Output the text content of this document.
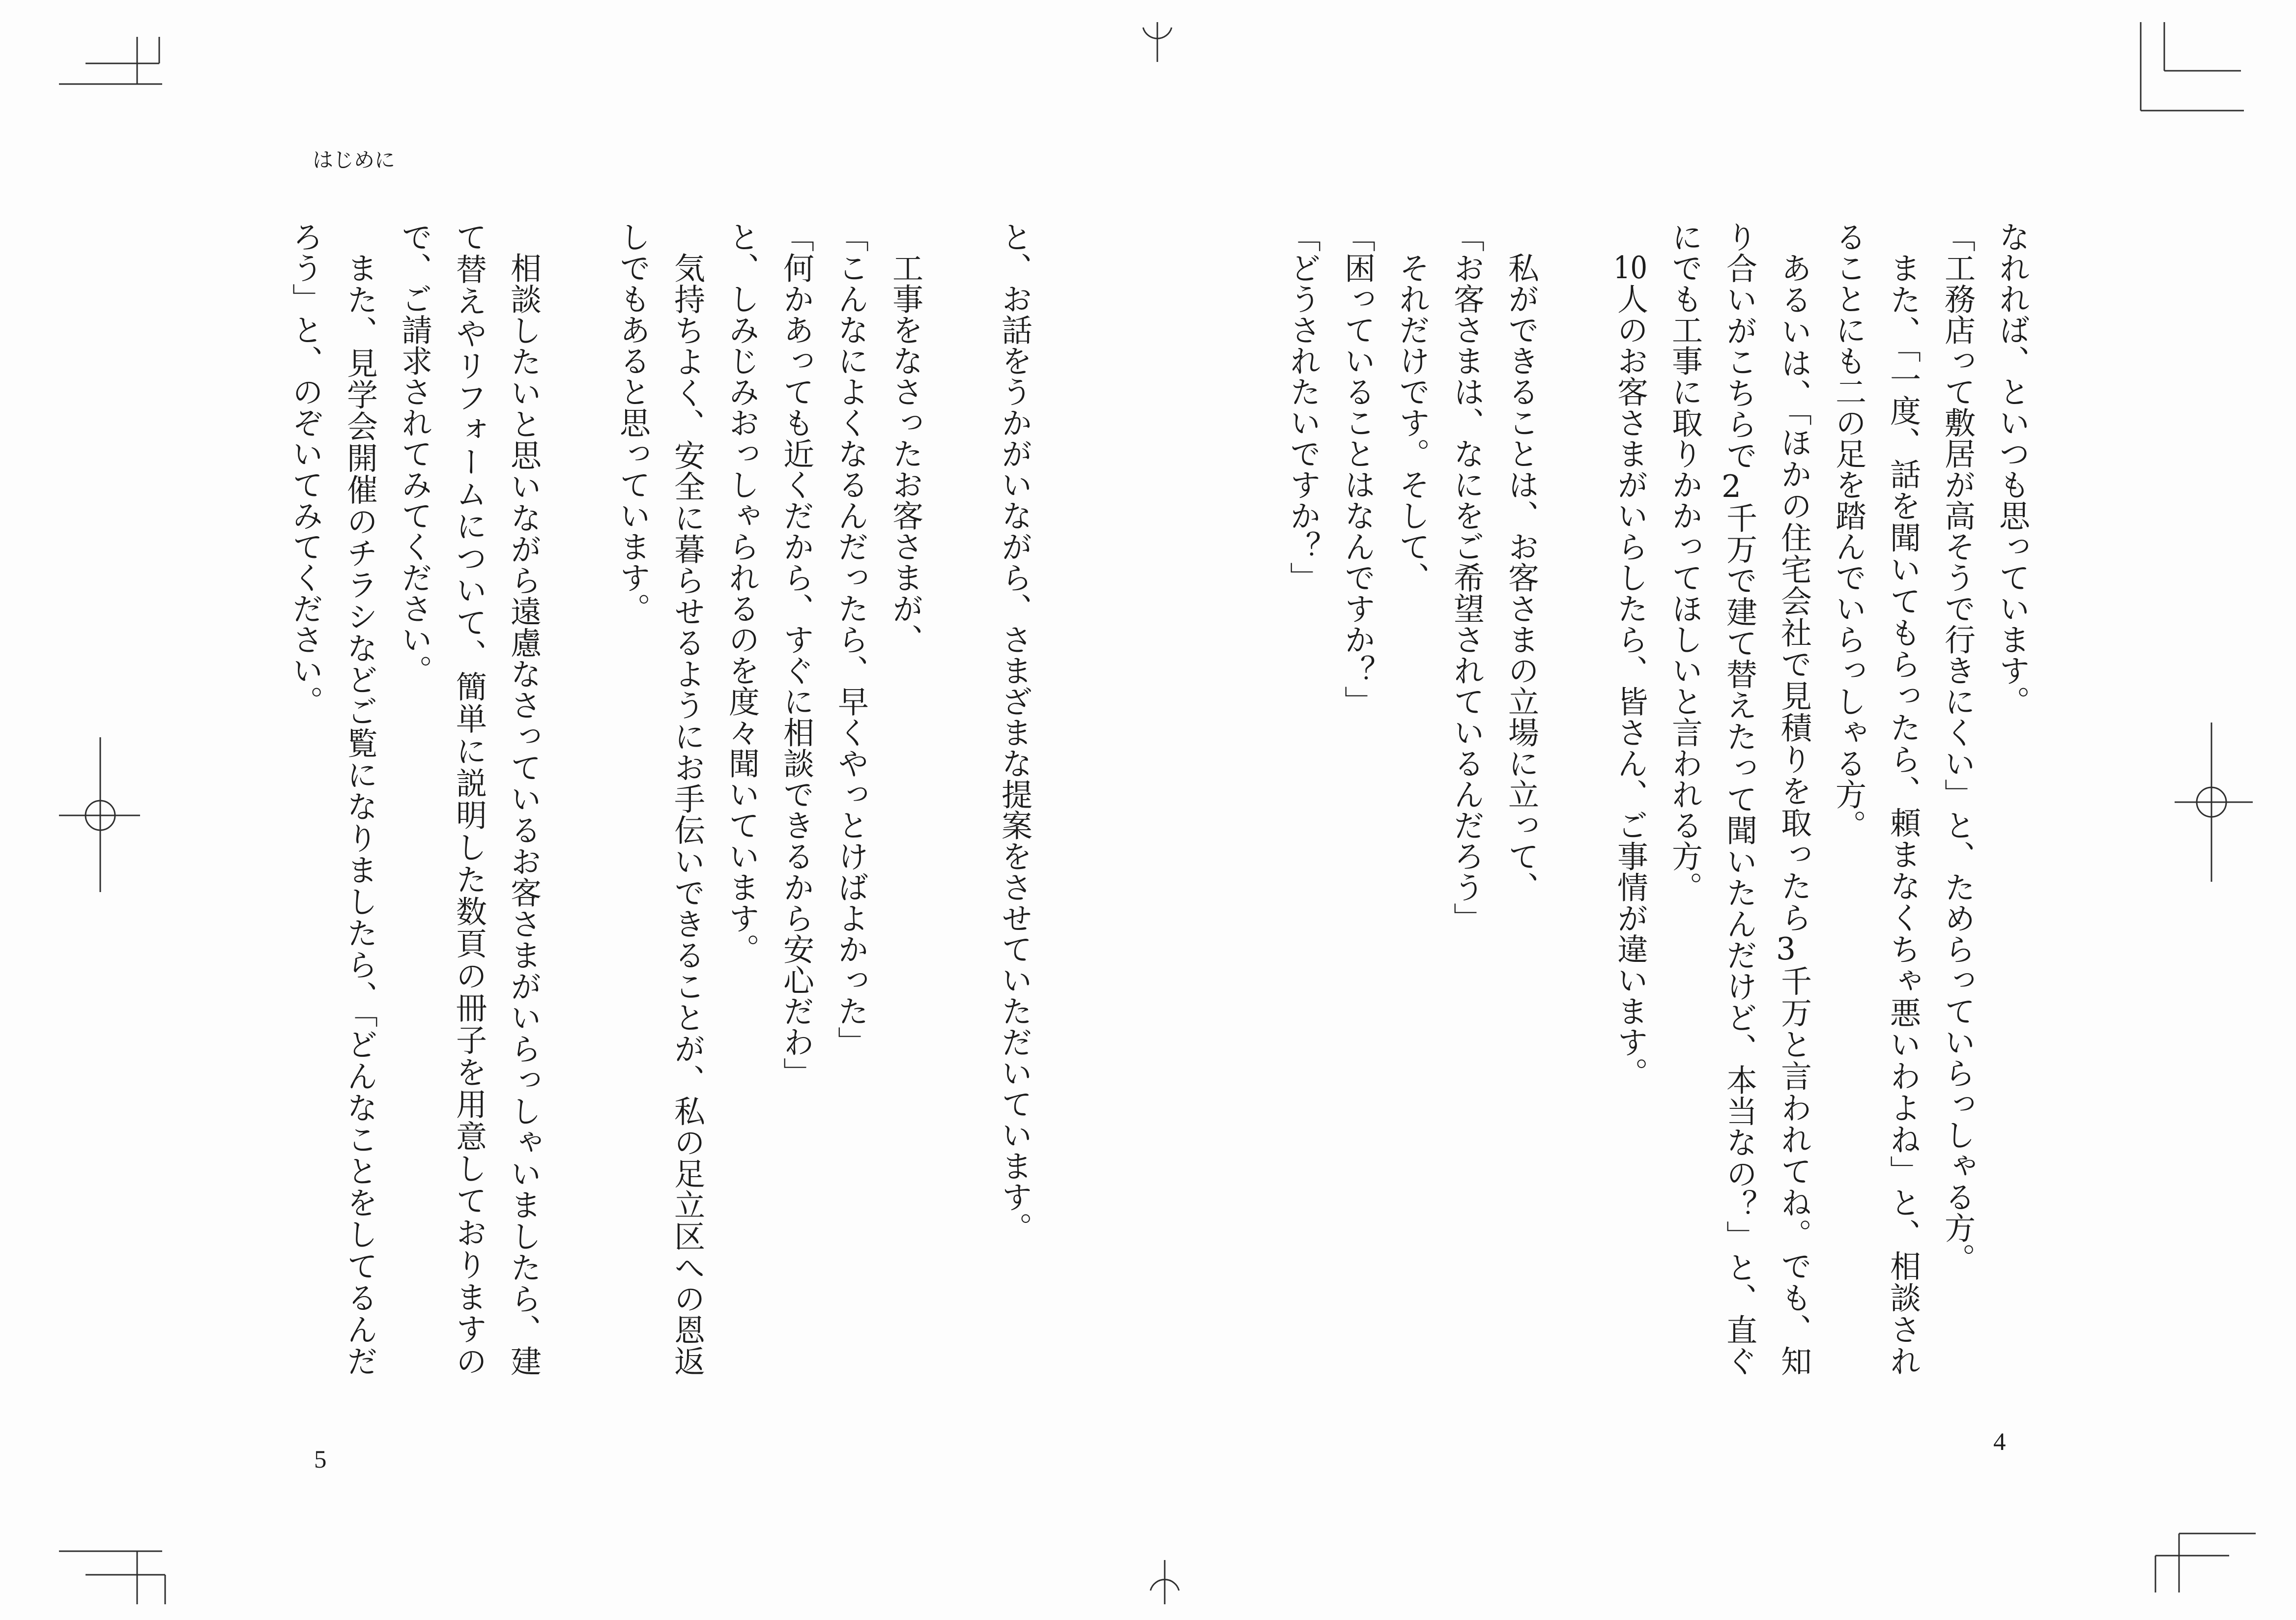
はじめに
なれれば、といつも思っています。
「工務店って敷居が高そうで行きにくい」と、ためらっていらっしゃる方。
また、「一度、話を聞いてもらったら、頼まなくちゃ悪いわよね」と、相談され
ることにも二の足を踏んでいらっしゃる方。
あるいは、「ほかの住宅会社で見積りを取ったら3千万と言われてね。でも、知
り合いがこちらで2千万で建て替えたって聞いたんだけど、本当なの？」と、直ぐ
にでも工事に取りかかってほしいと言われる方。
10人のお客さまがいらしたら、皆さん、ご事情が違います。
私ができることは、お客さまの立場に立って、
「お客さまは、なにをご希望されているんだろう」
それだけです。そして、
「困っていることはなんですか？」
「どうされたいですか？」
と、お話をうかがいながら、さまざまな提案をさせていただいています。
工事をなさったお客さまが、
「こんなによくなるんだったら、早くやっとけばよかった」
「何かあっても近くだから、すぐに相談できるから安心だわ」
と、しみじみおっしゃられるのを度々聞いています。
気持ちよく、安全に暮らせるようにお手伝いできることが、私の足立区への恩返
しでもあると思っています。
相談したいと思いながら遠慮なさっているお客さまがいらっしゃいましたら、建
て替えやリフォームについて、簡単に説明した数頁の冊子を用意しておりますの
で、ご請求されてみてください。
また、見学会開催のチラシなどご覧になりましたら、「どんなことをしてるんだ
ろう」と、のぞいてみてください。
4
5
